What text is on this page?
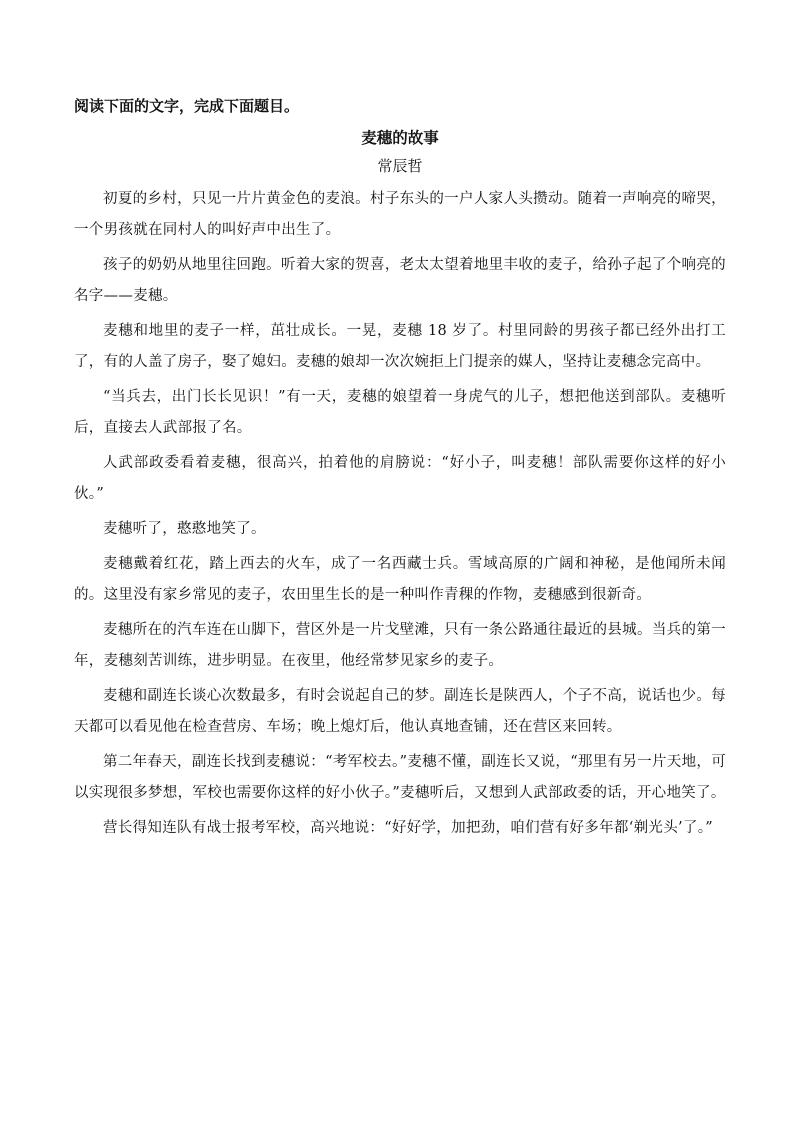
阅读下面的文字，完成下面题目。

麦穗的故事

常辰哲

初夏的乡村，只见一片片黄金色的麦浪。村子东头的一户人家人头攒动。随着一声响亮的啼哭，一个男孩就在同村人的叫好声中出生了。

孩子的奶奶从地里往回跑。听着大家的贺喜，老太太望着地里丰收的麦子，给孙子起了个响亮的名字——麦穗。

麦穗和地里的麦子一样，茁壮成长。一晃，麦穗 18 岁了。村里同龄的男孩子都已经外出打工了，有的人盖了房子，娶了媳妇。麦穗的娘却一次次婉拒上门提亲的媒人，坚持让麦穗念完高中。

“当兵去，出门长长见识！”有一天，麦穗的娘望着一身虎气的儿子，想把他送到部队。麦穗听后，直接去人武部报了名。

人武部政委看着麦穗，很高兴，拍着他的肩膀说：“好小子，叫麦穗！部队需要你这样的好小伙。”

麦穗听了，憨憨地笑了。

麦穗戴着红花，踏上西去的火车，成了一名西藏士兵。雪域高原的广阔和神秘，是他闻所未闻的。这里没有家乡常见的麦子，农田里生长的是一种叫作青稞的作物，麦穗感到很新奇。

麦穗所在的汽车连在山脚下，营区外是一片戈壁滩，只有一条公路通往最近的县城。当兵的第一年，麦穗刻苦训练，进步明显。在夜里，他经常梦见家乡的麦子。

麦穗和副连长谈心次数最多，有时会说起自己的梦。副连长是陕西人，个子不高，说话也少。每天都可以看见他在检查营房、车场；晚上熄灯后，他认真地查铺，还在营区来回转。

第二年春天，副连长找到麦穗说：“考军校去。”麦穗不懂，副连长又说，“那里有另一片天地，可以实现很多梦想，军校也需要你这样的好小伙子。”麦穗听后，又想到人武部政委的话，开心地笑了。

营长得知连队有战士报考军校，高兴地说：“好好学，加把劲，咱们营有好多年都‘剃光头’了。”
